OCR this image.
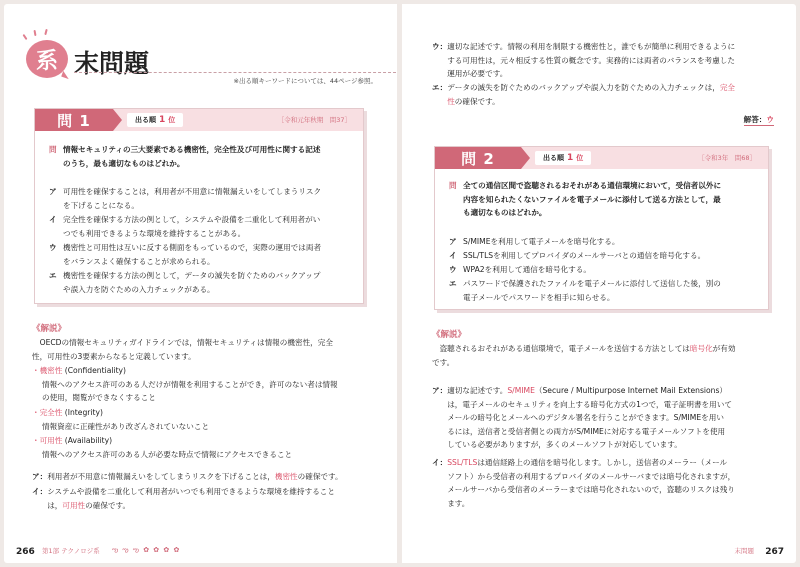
系 末問題
※出る順キーワードについては、44ページ参照。
問 1	出る順 1 位	［令和元年秋期　問37］
問 情報セキュリティの三大要素である機密性，完全性及び可用性に関する記述
のうち，最も適切なものはどれか。
ア 可用性を確保することは，利用者が不用意に情報漏えいをしてしまうリスク
を下げることになる。
イ 完全性を確保する方法の例として，システムや設備を二重化して利用者がい
つでも利用できるような環境を維持することがある。
ウ 機密性と可用性は互いに反する側面をもっているので，実際の運用では両者
をバランスよく確保することが求められる。
エ 機密性を確保する方法の例として，データの滅失を防ぐためのバックアップ
や誤入力を防ぐための入力チェックがある。
《解説》
　OECDの情報セキュリティガイドラインでは，情報セキュリティは情報の機密性，完全
性，可用性の3要素からなると定義しています。
・機密性 (Confidentiality)
情報へのアクセス許可のある人だけが情報を利用することができ，許可のない者は情報
の使用，閲覧ができなくすること
・完全性 (Integrity)
情報資産に正確性があり改ざんされていないこと
・可用性 (Availability)
情報へのアクセス許可のある人が必要な時点で情報にアクセスできること
ア： 利用者が不用意に情報漏えいをしてしまうリスクを下げることは，機密性の確保です。
イ： システムや設備を二重化して利用者がいつでも利用できるような環境を維持すること
は，可用性の確保です。
266 第1部 テクノロジ系 ఌ ఌ ఌ ✿ ✿ ✿ ✿
ウ： 適切な記述です。情報の利用を制限する機密性と，誰でもが簡単に利用できるように
する可用性は，元々相反する性質の概念です。実務的には両者のバランスを考慮した
運用が必要です。
エ： データの滅失を防ぐためのバックアップや誤入力を防ぐための入力チェックは，完全
性の確保です。
解答：ウ
問 2	出る順 1 位	［令和3年　問68］
問 全ての通信区間で盗聴されるおそれがある通信環境において，受信者以外に
内容を知られたくないファイルを電子メールに添付して送る方法として，最
も適切なものはどれか。
ア S/MIMEを利用して電子メールを暗号化する。
イ SSL/TLSを利用してプロバイダのメールサーバとの通信を暗号化する。
ウ WPA2を利用して通信を暗号化する。
エ パスワードで保護されたファイルを電子メールに添付して送信した後，別の
電子メールでパスワードを相手に知らせる。
《解説》
　盗聴されるおそれがある通信環境で，電子メールを送信する方法としては暗号化が有効
です。
ア： 適切な記述です。S/MIME（Secure / Multipurpose Internet Mail Extensions）
は，電子メールのセキュリティを向上する暗号化方式の1つで，電子証明書を用いて
メールの暗号化とメールへのデジタル署名を行うことができます。S/MIMEを用い
るには，送信者と受信者側との両方がS/MIMEに対応する電子メールソフトを使用
している必要がありますが，多くのメールソフトが対応しています。
イ： SSL/TLSは通信経路上の通信を暗号化します。しかし，送信者のメーラー（メール
ソフト）から受信者の利用するプロバイダのメールサーバまでは暗号化されますが，
メールサーバから受信者のメーラーまでは暗号化されないので，盗聴のリスクは残り
ます。
末問題 267
